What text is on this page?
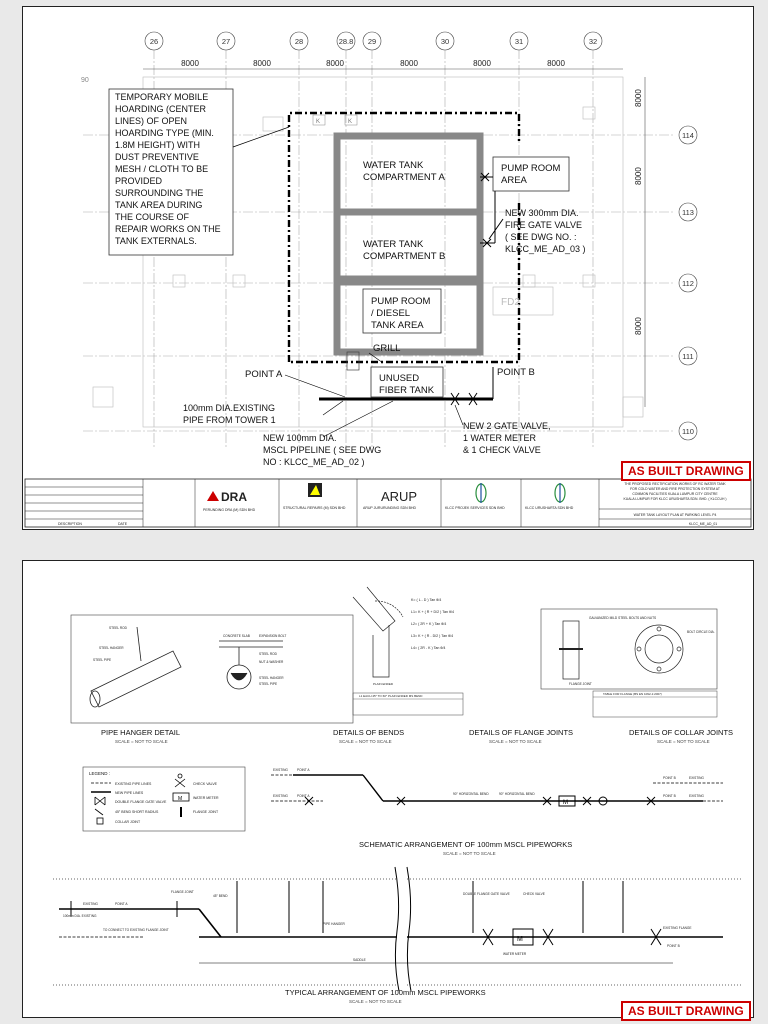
26	27	28	28.8 29	30	31	32
8000	8000	8000	8000	8000	8000
90
8000
8000
8000
114
113
112
111
110
K	K
WATER TANK
COMPARTMENT A
WATER TANK
COMPARTMENT B
PUMP ROOM
/ DIESEL
TANK AREA
PUMP ROOM
AREA
NEW 300mm DIA.
FIRE GATE VALVE
( SEE DWG NO. :
KLCC_ME_AD_03 )
TEMPORARY MOBILE
HOARDING (CENTER
LINES) OF OPEN
HOARDING TYPE (MIN.
1.8M HEIGHT) WITH
DUST PREVENTIVE
MESH / CLOTH TO BE
PROVIDED
SURROUNDING THE
TANK AREA DURING
THE COURSE OF
REPAIR WORKS ON THE
TANK EXTERNALS.
GRILL
UNUSED
FIBER TANK
POINT A	POINT B
100mm DIA.EXISTING
PIPE FROM TOWER 1
NEW 100mm DIA.
MSCL PIPELINE ( SEE DWG
NO : KLCC_ME_AD_02 )
NEW 2 GATE VALVE,
1 WATER METER
& 1 CHECK VALVE
FD2
DESCRIPTION	DATE
DRA
PERUNDING DRA (M) SDN BHD	STRUCTURAL REPAIRS (M) SDN BHD
ARUP
ARUP JURURUNDING SDN BHD	KLCC PROJEK SERVICES SDN BHD	KLCC URUSHARTA SDN BHD
THE PROPOSED RECTIFICATION WORKS OF RC WATER TANK
FOR COLD WATER AND FIRE PROTECTION SYSTEM AT
COMMON FACILITIES KUALA LUMPUR CITY CENTRE
KUALA LUMPUR FOR KLCC URUSHARTA SDN. BHD. ( KLCCUH )
WATER TANK LAYOUT PLAN AT PARKING LEVEL P4
KLCC_ME_AD_01
AS BUILT DRAWING
STEEL ROD
STEEL HANGER
STEEL PIPE
CONCRETE SLAB	EXPANSION BOLT
STEEL ROD
NUT & WASHER
STEEL HANGER
STEEL PIPE
PIPE HANGER DETAIL
SCALE = NOT TO SCALE
PLAIN ENDED
K= ( L - D ) Tan θ/4
L1= K + ( R + D/2 ) Tan θ/4
L2= ( 2R + K ) Tan θ/4
L3= K + ( R - D/2 ) Tan θ/4
L4= ( 2R - K ) Tan θ/4
L1 EACH 45° TO 60° PLAIN ENDED MS BEND
DETAILS OF BENDS
SCALE = NOT TO SCALE
GALVANIZED MILD STEEL BOLTS AND NUTS
FLANGE JOINT
BOLT CIRCLE DIA.
TABLE FOR FLANGE (BS EN 1092-1:2007)
DETAILS OF FLANGE JOINTS
SCALE = NOT TO SCALE
DETAILS OF COLLAR JOINTS
SCALE = NOT TO SCALE
LEGEND :
M
EXISTING PIPE LINES
NEW PIPE LINES
DOUBLE FLANGE GATE VALVE
45° BEND SHORT RADIUS
COLLAR JOINT
CHECK VALVE
WATER METER
FLANGE JOINT
M
EXISTING	POINT A
EXISTING	POINT A	90° HORIZONTAL BEND	90° HORIZONTAL BEND
POINT B	EXISTING
POINT B	EXISTING
SCHEMATIC ARRANGEMENT OF 100mm MSCL PIPEWORKS
SCALE = NOT TO SCALE
M
100mm DIA. EXISTING
EXISTING	POINT A
FLANGE JOINT
45° BEND
TO CONNECT TO EXISTING FLANGE JOINT
PIPE HANGER
DOUBLE FLANGE GATE VALVE	CHECK VALVE
WATER METER
EXISTING FLANGE
POINT B
SADDLE
TYPICAL ARRANGEMENT OF 100mm MSCL PIPEWORKS
SCALE = NOT TO SCALE
AS BUILT DRAWING
